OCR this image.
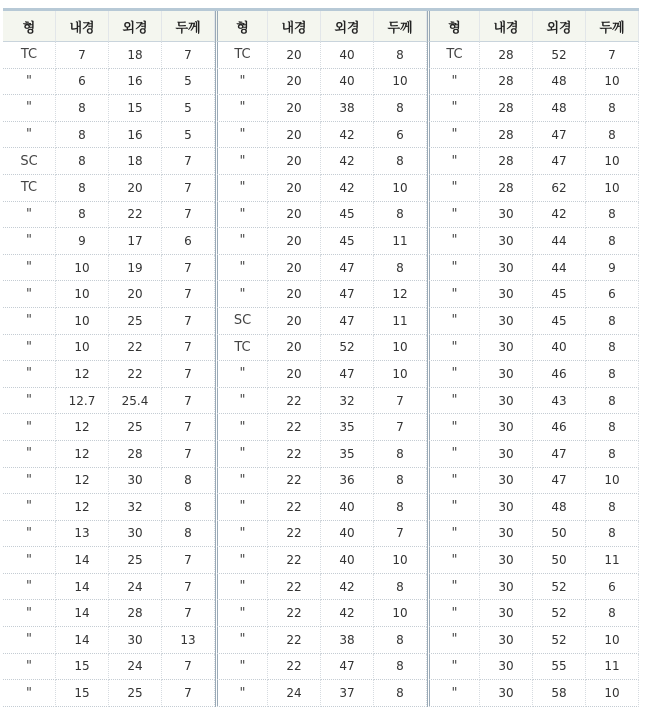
형	내경	외경	두께	형	내경	외경	두께	형	내경	외경	두께
TC	7	18	7	TC	20	40	8	TC	28	52	7
"	6	16	5	"	20	40	10	"	28	48	10
"	8	15	5	"	20	38	8	"	28	48	8
"	8	16	5	"	20	42	6	"	28	47	8
SC	8	18	7	"	20	42	8	"	28	47	10
TC	8	20	7	"	20	42	10	"	28	62	10
"	8	22	7	"	20	45	8	"	30	42	8
"	9	17	6	"	20	45	11	"	30	44	8
"	10	19	7	"	20	47	8	"	30	44	9
"	10	20	7	"	20	47	12	"	30	45	6
"	10	25	7	SC	20	47	11	"	30	45	8
"	10	22	7	TC	20	52	10	"	30	40	8
"	12	22	7	"	20	47	10	"	30	46	8
"	12.7	25.4	7	"	22	32	7	"	30	43	8
"	12	25	7	"	22	35	7	"	30	46	8
"	12	28	7	"	22	35	8	"	30	47	8
"	12	30	8	"	22	36	8	"	30	47	10
"	12	32	8	"	22	40	8	"	30	48	8
"	13	30	8	"	22	40	7	"	30	50	8
"	14	25	7	"	22	40	10	"	30	50	11
"	14	24	7	"	22	42	8	"	30	52	6
"	14	28	7	"	22	42	10	"	30	52	8
"	14	30	13	"	22	38	8	"	30	52	10
"	15	24	7	"	22	47	8	"	30	55	11
"	15	25	7	"	24	37	8	"	30	58	10
